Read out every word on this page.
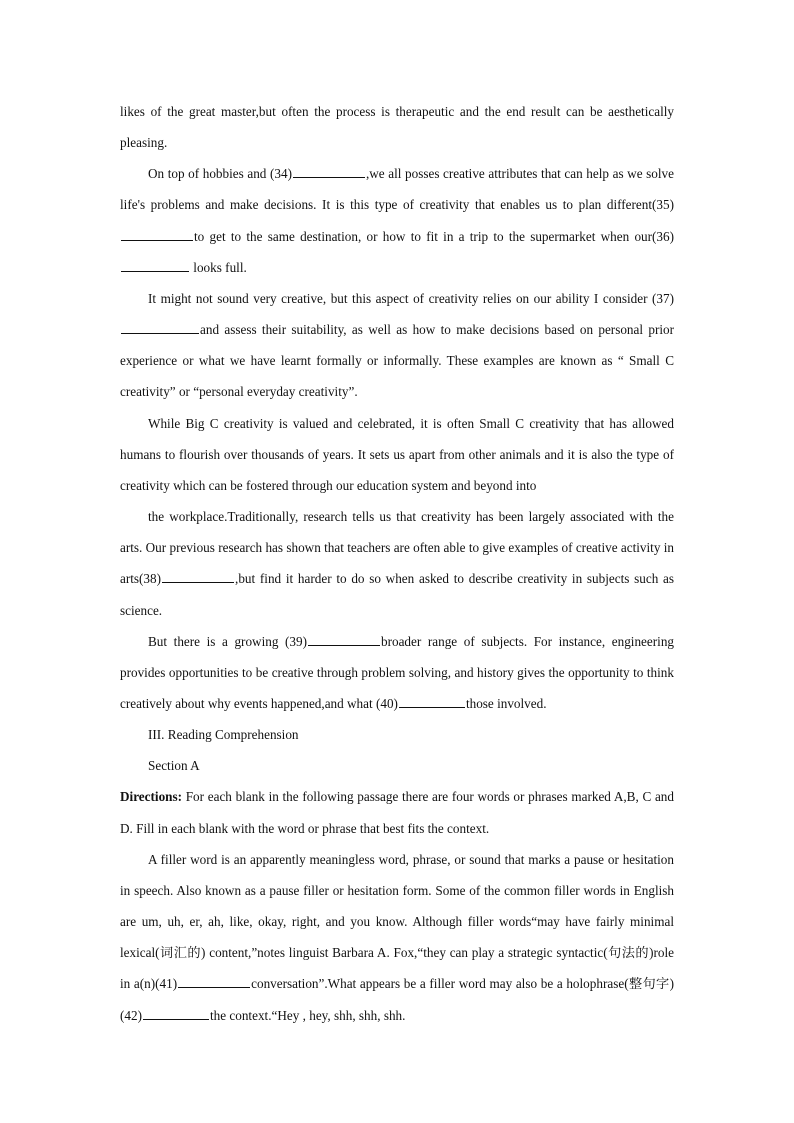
likes of the great master,but often the process is therapeutic and the end result can be aesthetically pleasing.

On top of hobbies and (34)	,we all posses creative attributes that can help as we solve life's problems and make decisions. It is this type of creativity that enables us to plan different(35)to get to the same destination, or how to fit in a trip to the supermarket when our(36) looks full.

It might not sound very creative, but this aspect of creativity relies on our ability I consider (37)and assess their suitability, as well as how to make decisions based on personal prior experience or what we have learnt formally or informally. These examples are known as “ Small C creativity” or “personal everyday creativity”.

While Big C creativity is valued and celebrated, it is often Small C creativity that has allowed humans to flourish over thousands of years. It sets us apart from other animals and it is also the type of creativity which can be fostered through our education system and beyond into

the workplace.Traditionally, research tells us that creativity has been largely associated with the arts. Our previous research has shown that teachers are often able to give examples of creative activity in arts(38)	,but find it harder to do so when asked to describe creativity in subjects such as science.

But there is a growing (39)	broader range of subjects. For instance, engineering provides opportunities to be creative through problem solving, and history gives the opportunity to think creatively about why events happened,and what (40)	those involved.

III. Reading Comprehension

Section A

Directions: For each blank in the following passage there are four words or phrases marked A,B, C and D. Fill in each blank with the word or phrase that best fits the context.

A filler word is an apparently meaningless word, phrase, or sound that marks a pause or hesitation in speech. Also known as a pause filler or hesitation form. Some of the common filler words in English are um, uh, er, ah, like, okay, right, and you know. Although filler words“may have fairly minimal lexical(词汇的) content,”notes linguist Barbara A. Fox,“they can play a strategic syntactic(句法的)role in a(n)(41)	conversation”.What appears be a filler word may also be a holophrase(整句字)(42)	the context.“Hey , hey, shh, shh, shh.
